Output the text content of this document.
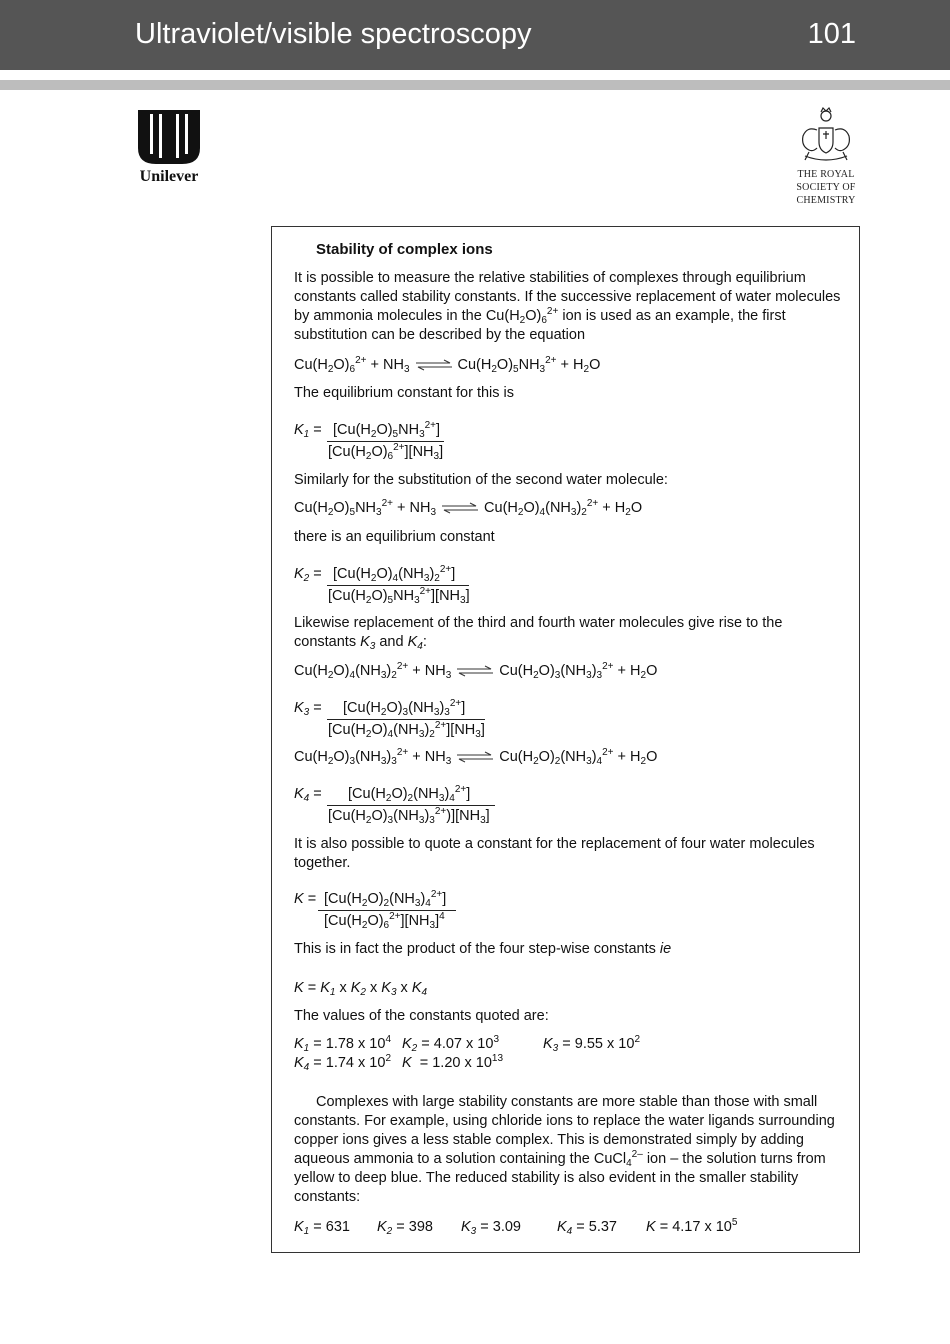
Ultraviolet/visible spectroscopy	101
Unilever	THE ROYAL
SOCIETY OF
CHEMISTRY
Stability of complex ions
It is possible to measure the relative stabilities of complexes through equilibrium constants called stability constants. If the successive replacement of water molecules by ammonia molecules in the $Cu(H_2O)_6^{2+}$ ion is used as an example, the first substitution can be described by the equation
$Cu(H_2O)_6^{2+} + NH_3$ ⇌ $Cu(H_2O)_5NH_3^{2+} + H_2O$
The equilibrium constant for this is
$K_1 = [Cu(H_2O)_5NH_3^{2+}]$
$[Cu(H_2O)_6^{2+}][NH_3]$
Similarly for the substitution of the second water molecule:
$Cu(H_2O)_5NH_3^{2+} + NH_3$ ⇌ $Cu(H_2O)_4(NH_3)_2^{2+} + H_2O$
there is an equilibrium constant
$K_2 = [Cu(H_2O)_4(NH_3)_2^{2+}]$
$[Cu(H_2O)_5NH_3^{2+}][NH_3]$
Likewise replacement of the third and fourth water molecules give rise to the constants $K_3$ and $K_4$:
$Cu(H_2O)_4(NH_3)_2^{2+} + NH_3$ ⇌ $Cu(H_2O)_3(NH_3)_3^{2+} + H_2O$
$K_3 = [Cu(H_2O)_3(NH_3)_3^{2+}]$
$[Cu(H_2O)_4(NH_3)_2^{2+}][NH_3]$
$Cu(H_2O)_3(NH_3)_3^{2+} + NH_3$ ⇌ $Cu(H_2O)_2(NH_3)_4^{2+} + H_2O$
$K_4 = [Cu(H_2O)_2(NH_3)_4^{2+}]$
$[Cu(H_2O)_3(NH_3)_3^{2+})][NH_3]$
It is also possible to quote a constant for the replacement of four water molecules together.
$K = [Cu(H_2O)_2(NH_3)_4^{2+}]$
$[Cu(H_2O)_6^{2+}][NH_3]^4$
This is in fact the product of the four step-wise constants ie
$K = K_1$ x $K_2$ x $K_3$ x $K_4$
The values of the constants quoted are:
$K_1 = 1.78$ x $10^4$ $K_2 = 4.07$ x $10^3$	$K_3 = 9.55$ x $10^2$
$K_4 = 1.74$ x $10^2$ K  = 1.20 x $10^{13}$
Complexes with large stability constants are more stable than those with small constants. For example, using chloride ions to replace the water ligands surrounding copper ions gives a less stable complex. This is demonstrated simply by adding aqueous ammonia to a solution containing the CuCl$_4^{2-}$ ion – the solution turns from yellow to deep blue. The reduced stability is also evident in the smaller stability constants:
$K_1 = 631$ $K_2 = 398$ $K_3 = 3.09$ $K_4 = 5.37$ K = 4.17 x $10^5$
